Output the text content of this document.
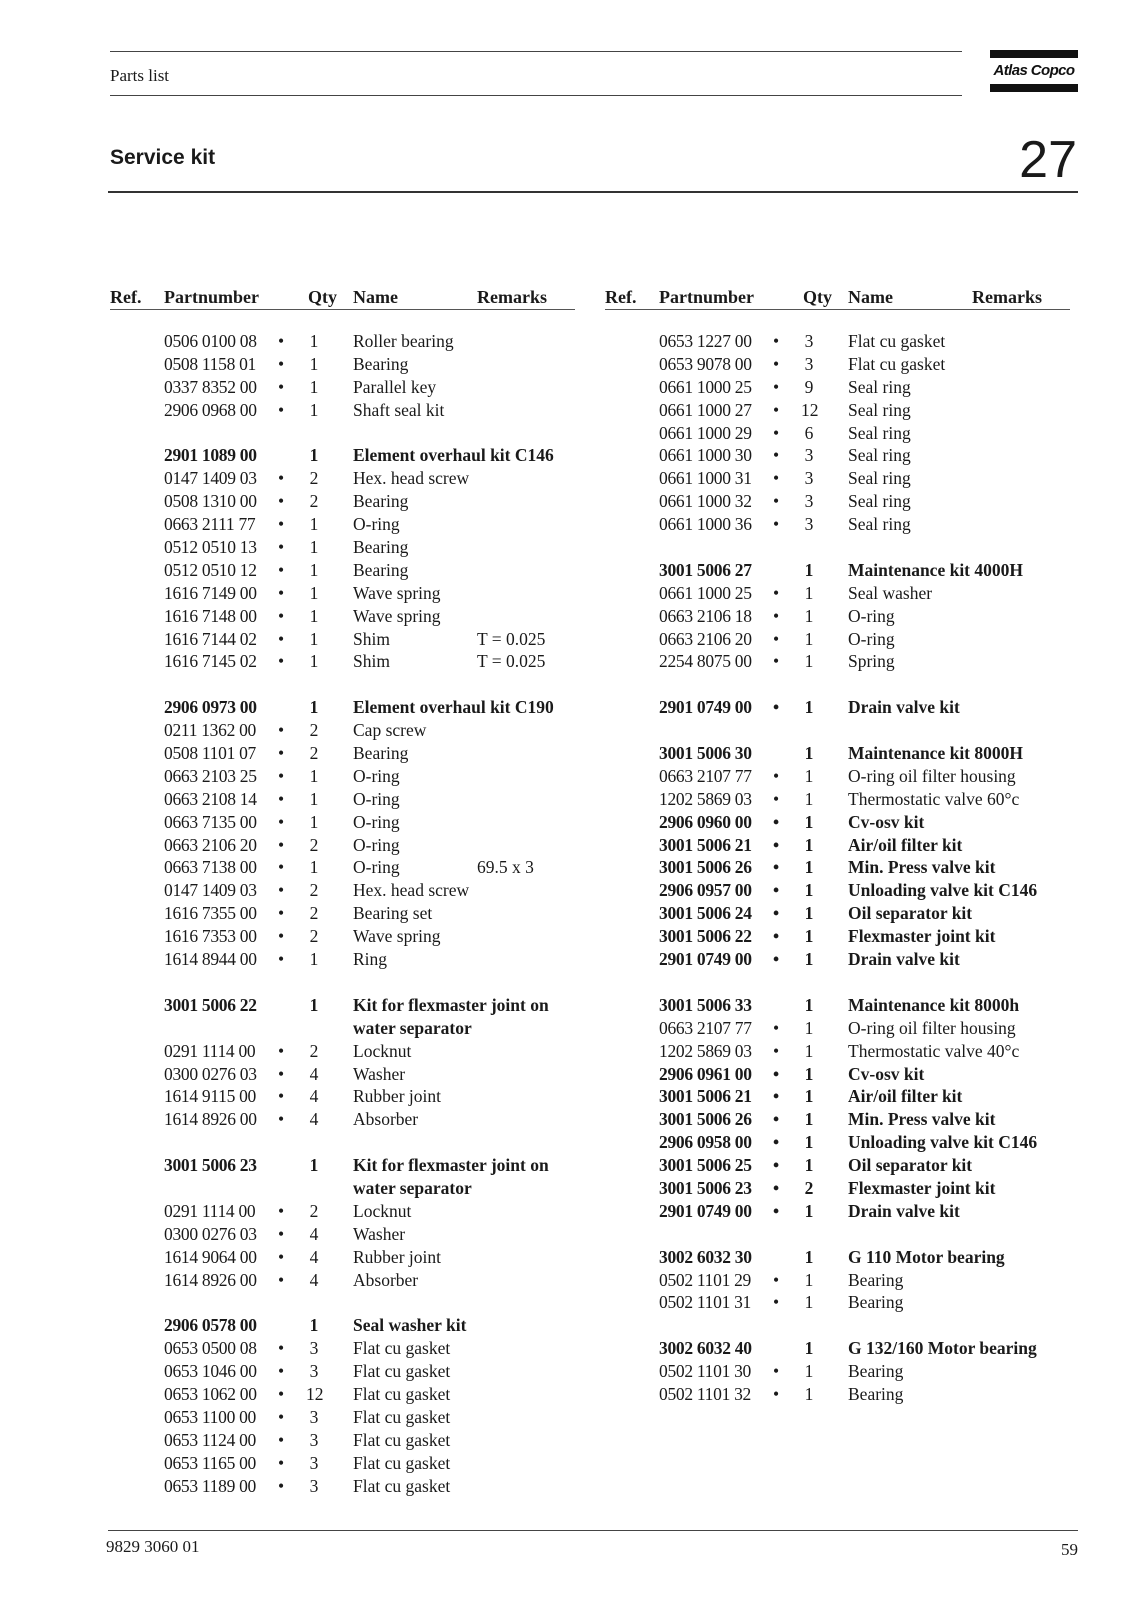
Parts list	Atlas Copco
Service kit	27
Ref. Partnumber	Qty Name	Remarks
0506 0100 08 • 1 Roller bearing
0508 1158 01 • 1 Bearing
0337 8352 00 • 1 Parallel key
2906 0968 00 • 1 Shaft seal kit
2901 1089 00	1 Element overhaul kit C146
0147 1409 03 • 2 Hex. head screw
0508 1310 00 • 2 Bearing
0663 2111 77 • 1 O-ring
0512 0510 13 • 1 Bearing
0512 0510 12 • 1 Bearing
1616 7149 00 • 1 Wave spring
1616 7148 00 • 1 Wave spring
1616 7144 02 • 1 Shim	T = 0.025
1616 7145 02 • 1 Shim	T = 0.025
2906 0973 00	1 Element overhaul kit C190
0211 1362 00 • 2 Cap screw
0508 1101 07 • 2 Bearing
0663 2103 25 • 1 O-ring
0663 2108 14 • 1 O-ring
0663 7135 00 • 1 O-ring
0663 2106 20 • 2 O-ring
0663 7138 00 • 1 O-ring	69.5 x 3
0147 1409 03 • 2 Hex. head screw
1616 7355 00 • 2 Bearing set
1616 7353 00 • 2 Wave spring
1614 8944 00 • 1 Ring
3001 5006 22	1 Kit for flexmaster joint on
water separator
0291 1114 00 • 2 Locknut
0300 0276 03 • 4 Washer
1614 9115 00 • 4 Rubber joint
1614 8926 00 • 4 Absorber
3001 5006 23	1 Kit for flexmaster joint on
water separator
0291 1114 00 • 2 Locknut
0300 0276 03 • 4 Washer
1614 9064 00 • 4 Rubber joint
1614 8926 00 • 4 Absorber
2906 0578 00	1 Seal washer kit
0653 0500 08 • 3 Flat cu gasket
0653 1046 00 • 3 Flat cu gasket
0653 1062 00 • 12 Flat cu gasket
0653 1100 00 • 3 Flat cu gasket
0653 1124 00 • 3 Flat cu gasket
0653 1165 00 • 3 Flat cu gasket
0653 1189 00 • 3 Flat cu gasket
Ref. Partnumber	Qty Name	Remarks
0653 1227 00 • 3 Flat cu gasket
0653 9078 00 • 3 Flat cu gasket
0661 1000 25 • 9 Seal ring
0661 1000 27 • 12 Seal ring
0661 1000 29 • 6 Seal ring
0661 1000 30 • 3 Seal ring
0661 1000 31 • 3 Seal ring
0661 1000 32 • 3 Seal ring
0661 1000 36 • 3 Seal ring
3001 5006 27	1 Maintenance kit 4000H
0661 1000 25 • 1 Seal washer
0663 2106 18 • 1 O-ring
0663 2106 20 • 1 O-ring
2254 8075 00 • 1 Spring
2901 0749 00 • 1 Drain valve kit
3001 5006 30	1 Maintenance kit 8000H
0663 2107 77 • 1 O-ring oil filter housing
1202 5869 03 • 1 Thermostatic valve 60°c
2906 0960 00 • 1 Cv-osv kit
3001 5006 21 • 1 Air/oil filter kit
3001 5006 26 • 1 Min. Press valve kit
2906 0957 00 • 1 Unloading valve kit C146
3001 5006 24 • 1 Oil separator kit
3001 5006 22 • 1 Flexmaster joint kit
2901 0749 00 • 1 Drain valve kit
3001 5006 33	1 Maintenance kit 8000h
0663 2107 77 • 1 O-ring oil filter housing
1202 5869 03 • 1 Thermostatic valve 40°c
2906 0961 00 • 1 Cv-osv kit
3001 5006 21 • 1 Air/oil filter kit
3001 5006 26 • 1 Min. Press valve kit
2906 0958 00 • 1 Unloading valve kit C146
3001 5006 25 • 1 Oil separator kit
3001 5006 23 • 2 Flexmaster joint kit
2901 0749 00 • 1 Drain valve kit
3002 6032 30	1 G 110 Motor bearing
0502 1101 29 • 1 Bearing
0502 1101 31 • 1 Bearing
3002 6032 40	1 G 132/160 Motor bearing
0502 1101 30 • 1 Bearing
0502 1101 32 • 1 Bearing
9829 3060 01	59
